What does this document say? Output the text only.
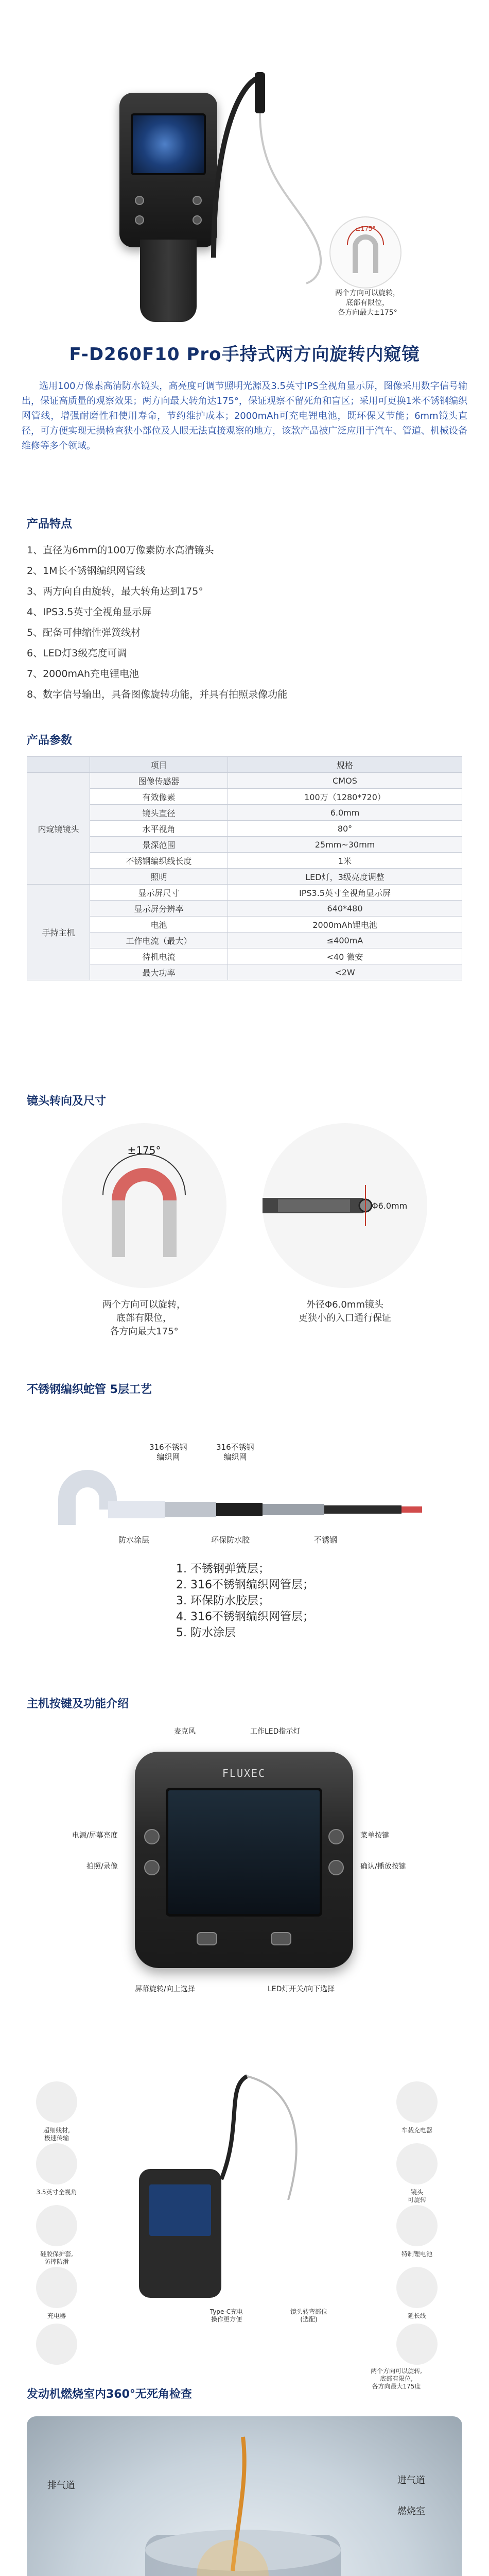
±175°
两个方向可以旋转，
底部有限位，
各方向最大±175°
F-D260F10 Pro手持式两方向旋转内窥镜

选用100万像素高清防水镜头，高亮度可调节照明光源及3.5英寸IPS全视角显示屏，图像采用数字信号输出，保证高质量的观察效果；两方向最大转角达175°，保证观察不留死角和盲区；采用可更换1米不锈钢编织网管线，增强耐磨性和使用寿命，节约维护成本；2000mAh可充电锂电池，既环保又节能；6mm镜头直径，可方便实现无损检查狭小部位及人眼无法直接观察的地方，该款产品被广泛应用于汽车、管道、机械设备维修等多个领域。

产品特点
1、直径为6mm的100万像素防水高清镜头
2、1M长不锈钢编织网管线
3、两方向自由旋转，最大转角达到175°
4、IPS3.5英寸全视角显示屏
5、配备可伸缩性弹簧线材
6、LED灯3级亮度可调
7、2000mAh充电锂电池
8、数字信号输出，具备图像旋转功能，并具有拍照录像功能
产品参数
	项目	规格
内窥镜镜头	图像传感器	CMOS
	有效像素	100万（1280*720）
	镜头直径	6.0mm
	水平视角	80°
	景深范围	25mm~30mm
	不锈钢编织线长度	1米
	照明	LED灯，3级亮度调整
手持主机	显示屏尺寸	IPS3.5英寸全视角显示屏
	显示屏分辨率	640*480
	电池	2000mAh锂电池
	工作电流（最大）	≤400mA
	待机电流	<40 微安
	最大功率	<2W
镜头转向及尺寸
±175°
Φ6.0mm
两个方向可以旋转，
底部有限位，
各方向最大175°
外径Φ6.0mm镜头
更狭小的入口通行保证
不锈钢编织蛇管 5层工艺
316不锈钢
编织网
316不锈钢
编织网
防水涂层	环保防水胶	不锈钢
1. 不锈钢弹簧层；
2. 316不锈钢编织网管层；
3. 环保防水胶层；
4. 316不锈钢编织网管层；
5. 防水涂层
主机按键及功能介绍
FLUXEC
麦克风	工作LED指示灯
电源/屏幕亮度
拍照/录像
菜单按键
确认/播放按键
屏幕旋转/向上选择	LED灯开关/向下选择
超细线材,
极速传输
3.5英寸全视角
硅胶保护套,
防摔防滑
车载充电器
镜头
可旋转
特制锂电池
延长线
充电器
镜头转弯部位
(选配)
两个方向可以旋转,
底部有限位,
各方向最大175度
Type-C充电
操作更方便
发动机燃烧室内360°无死角检查
排气道	进气道
燃烧室
